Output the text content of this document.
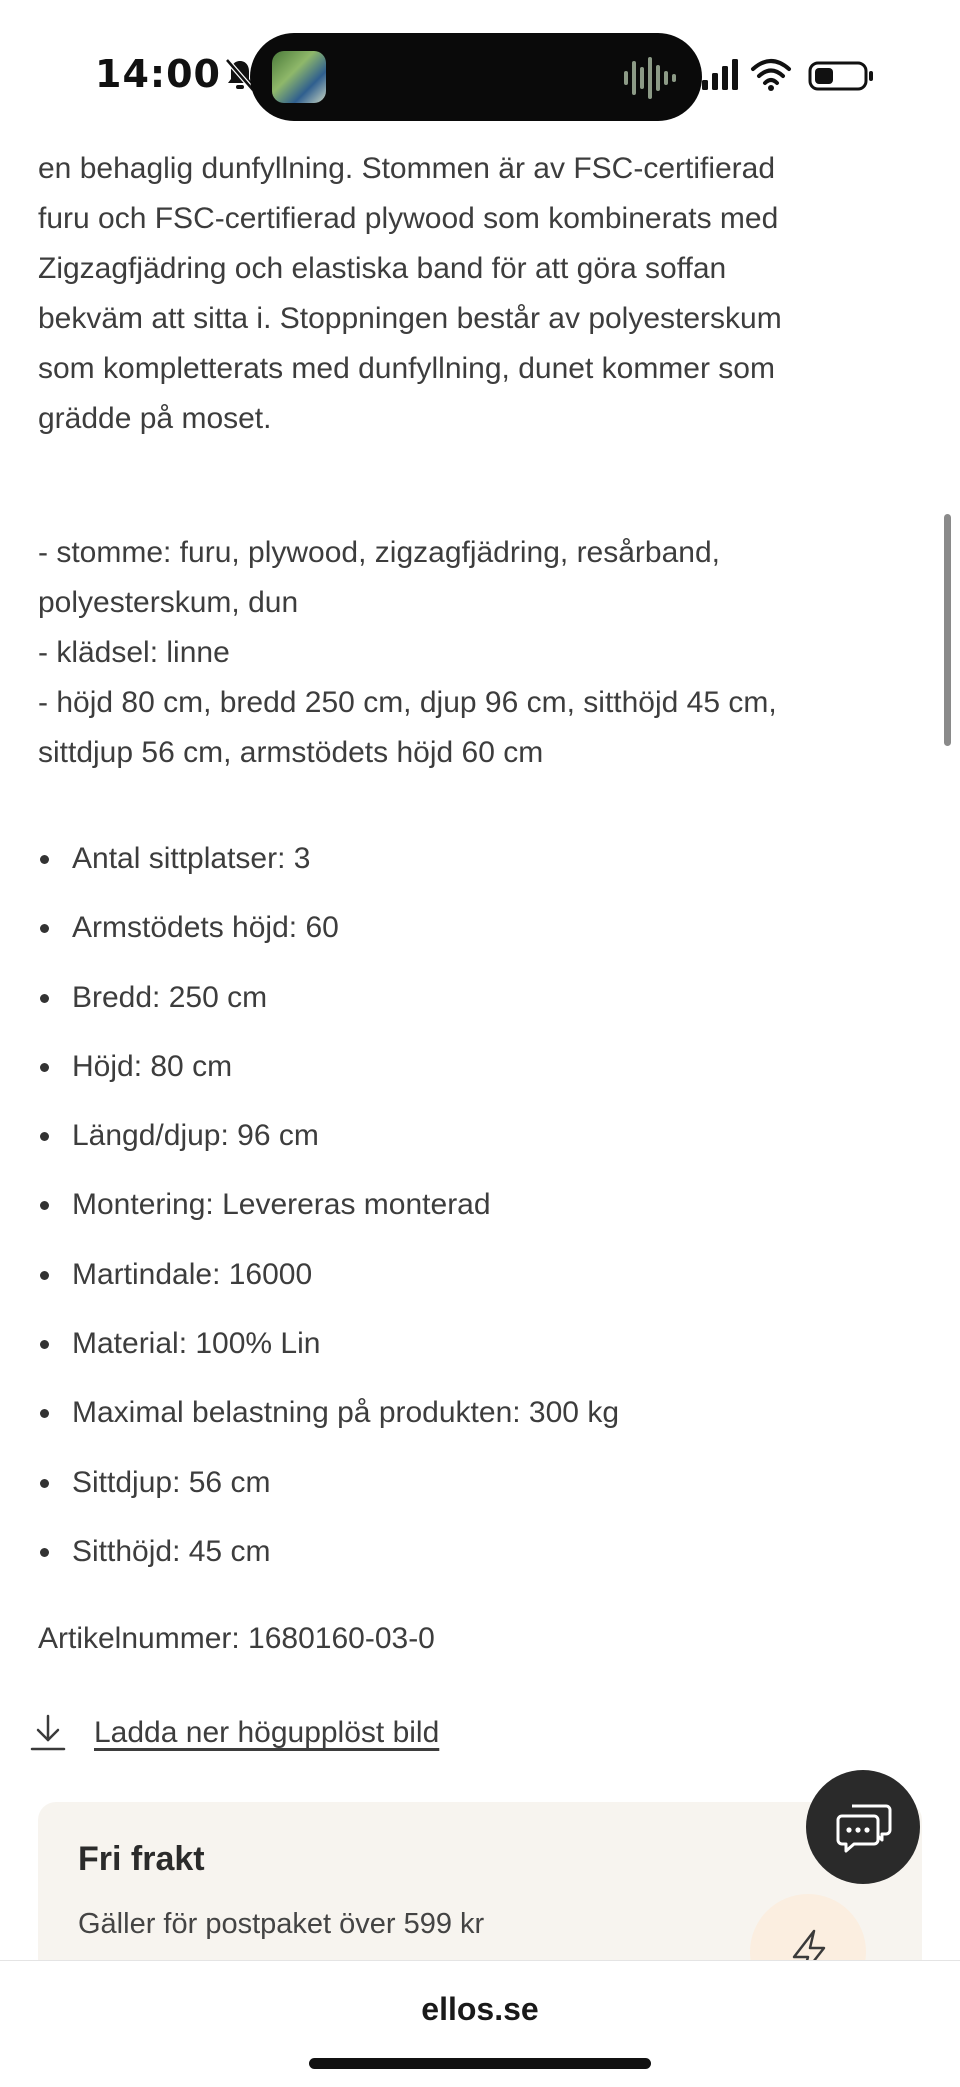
14:00
en behaglig dunfyllning. Stommen är av FSC-certifierad
furu och FSC-certifierad plywood som kombinerats med
Zigzagfjädring och elastiska band för att göra soffan
bekväm att sitta i. Stoppningen består av polyesterskum
som kompletterats med dunfyllning, dunet kommer som
grädde på moset.
- stomme: furu, plywood, zigzagfjädring, resårband,
polyesterskum, dun
- klädsel: linne
- höjd 80 cm, bredd 250 cm, djup 96 cm, sitthöjd 45 cm,
sittdjup 56 cm, armstödets höjd 60 cm
Antal sittplatser: 3
Armstödets höjd: 60
Bredd: 250 cm
Höjd: 80 cm
Längd/djup: 96 cm
Montering: Levereras monterad
Martindale: 16000
Material: 100% Lin
Maximal belastning på produkten: 300 kg
Sittdjup: 56 cm
Sitthöjd: 45 cm
Artikelnummer: 1680160-03-0
Ladda ner högupplöst bild
Fri frakt
Gäller för postpaket över 599 kr
ellos.se
